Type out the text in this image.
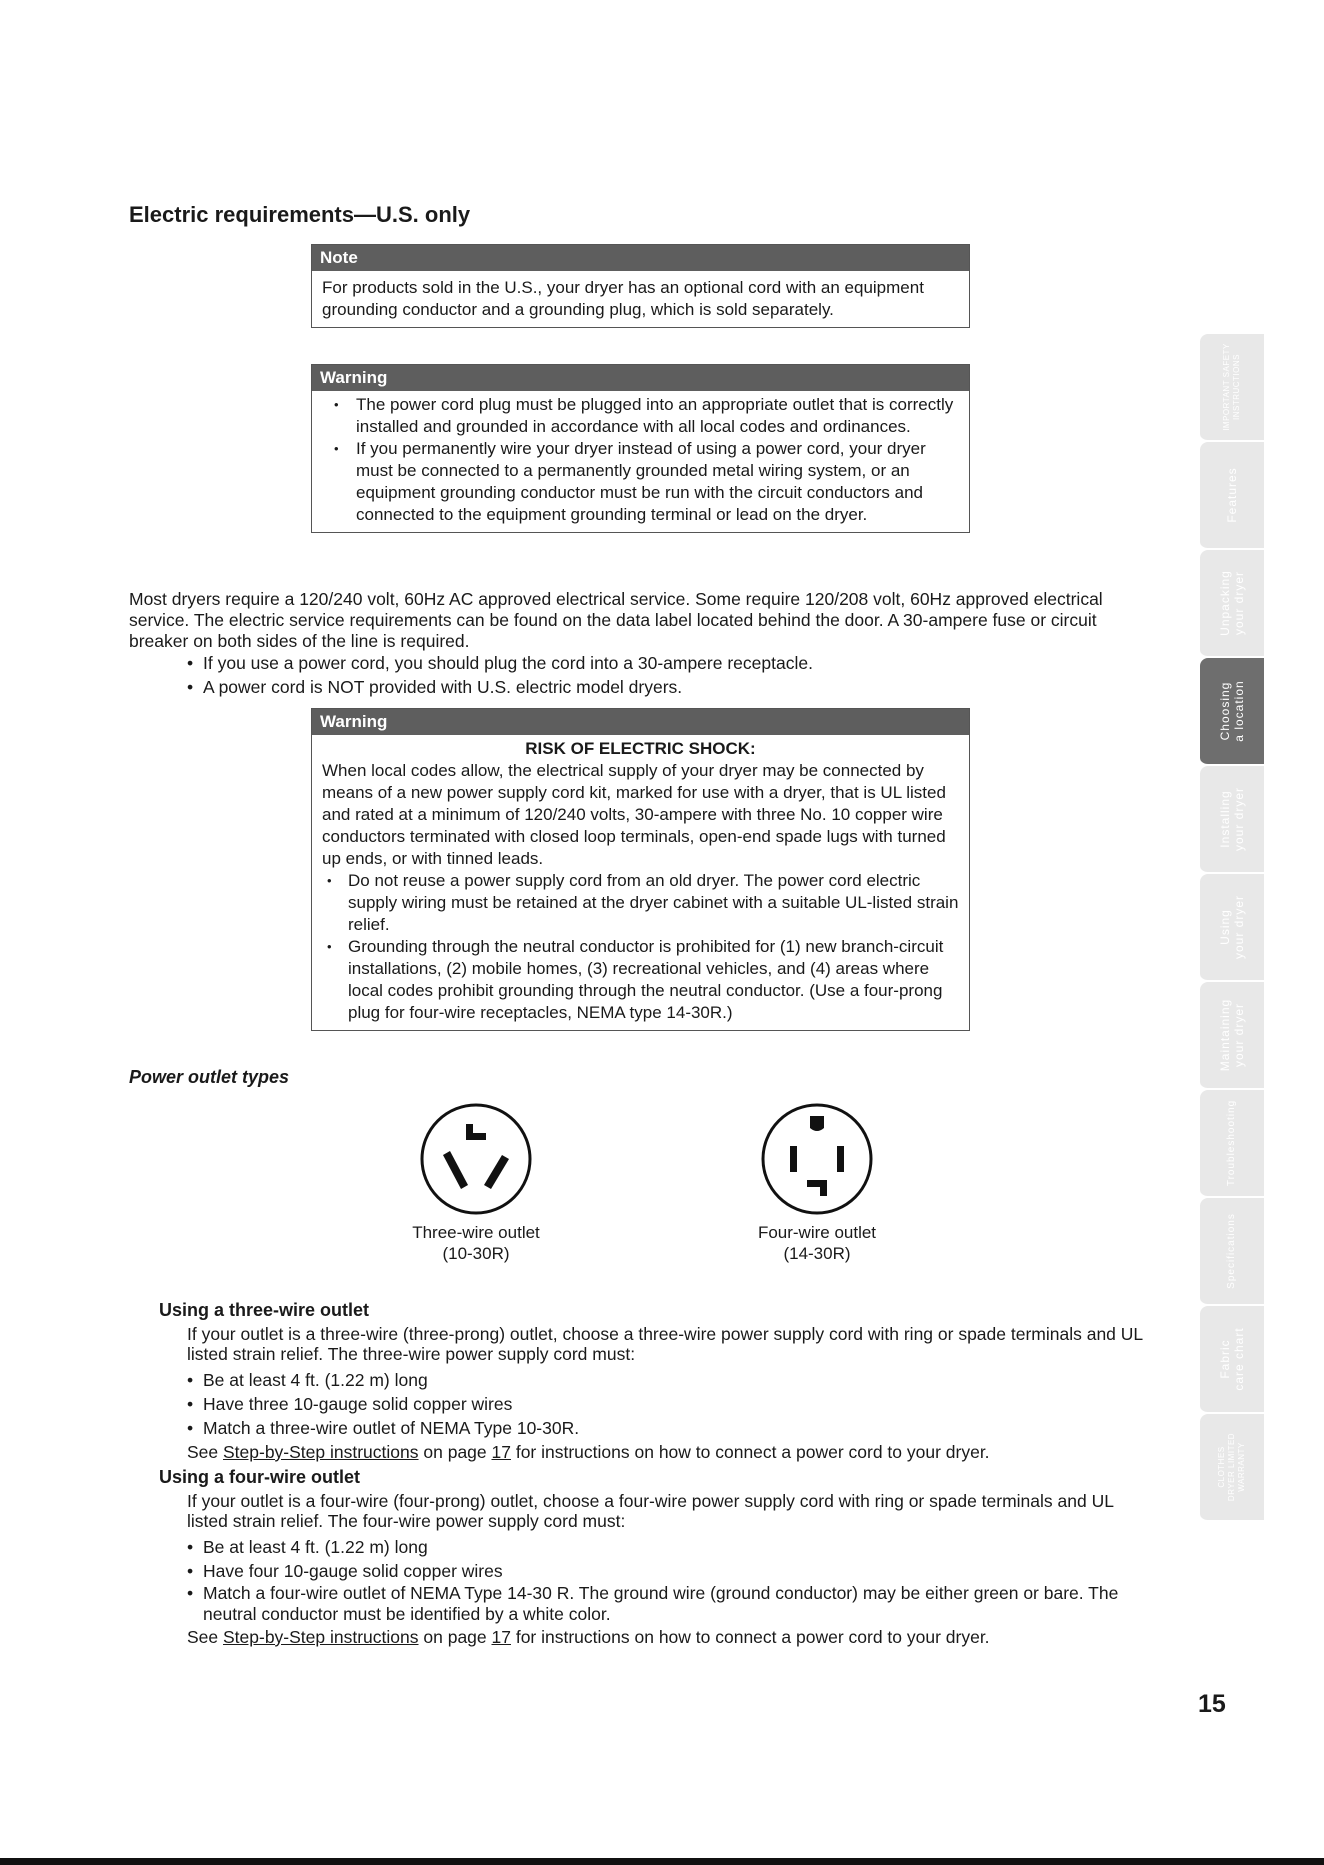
Electric requirements—U.S. only
Note
For products sold in the U.S., your dryer has an optional cord with an equipment grounding conductor and a grounding plug, which is sold separately.
Warning
• The power cord plug must be plugged into an appropriate outlet that is correctly installed and grounded in accordance with all local codes and ordinances.
• If you permanently wire your dryer instead of using a power cord, your dryer must be connected to a permanently grounded metal wiring system, or an equipment grounding conductor must be run with the circuit conductors and connected to the equipment grounding terminal or lead on the dryer.
Most dryers require a 120/240 volt, 60Hz AC approved electrical service. Some require 120/208 volt, 60Hz approved electrical service. The electric service requirements can be found on the data label located behind the door. A 30-ampere fuse or circuit breaker on both sides of the line is required.
• If you use a power cord, you should plug the cord into a 30-ampere receptacle.
• A power cord is NOT provided with U.S. electric model dryers.
Warning
RISK OF ELECTRIC SHOCK:
When local codes allow, the electrical supply of your dryer may be connected by means of a new power supply cord kit, marked for use with a dryer, that is UL listed and rated at a minimum of 120/240 volts, 30-ampere with three No. 10 copper wire conductors terminated with closed loop terminals, open-end spade lugs with turned up ends, or with tinned leads.
• Do not reuse a power supply cord from an old dryer. The power cord electric supply wiring must be retained at the dryer cabinet with a suitable UL-listed strain relief.
• Grounding through the neutral conductor is prohibited for (1) new branch-circuit installations, (2) mobile homes, (3) recreational vehicles, and (4) areas where local codes prohibit grounding through the neutral conductor. (Use a four-prong plug for four-wire receptacles, NEMA type 14-30R.)
Power outlet types
Three-wire outlet
(10-30R)
Four-wire outlet
(14-30R)
Using a three-wire outlet

If your outlet is a three-wire (three-prong) outlet, choose a three-wire power supply cord with ring or spade terminals and UL listed strain relief. The three-wire power supply cord must:

• Be at least 4 ft. (1.22 m) long
• Have three 10-gauge solid copper wires
• Match a three-wire outlet of NEMA Type 10-30R.

See Step-by-Step instructions on page 17 for instructions on how to connect a power cord to your dryer.

Using a four-wire outlet

If your outlet is a four-wire (four-prong) outlet, choose a four-wire power supply cord with ring or spade terminals and UL listed strain relief. The four-wire power supply cord must:

• Be at least 4 ft. (1.22 m) long
• Have four 10-gauge solid copper wires
• Match a four-wire outlet of NEMA Type 14-30 R. The ground wire (ground conductor) may be either green or bare. The neutral conductor must be identified by a white color.

See Step-by-Step instructions on page 17 for instructions on how to connect a power cord to your dryer.

IMPORTANT SAFETY
INSTRUCTIONS
Features
Unpacking
your dryer
Choosing
a location
Installing
your dryer
Using
your dryer
Maintaining
your dryer
Troubleshooting
Specifications
Fabric
care chart
CLOTHES
DRYER LIMITED
WARRANTY
15
